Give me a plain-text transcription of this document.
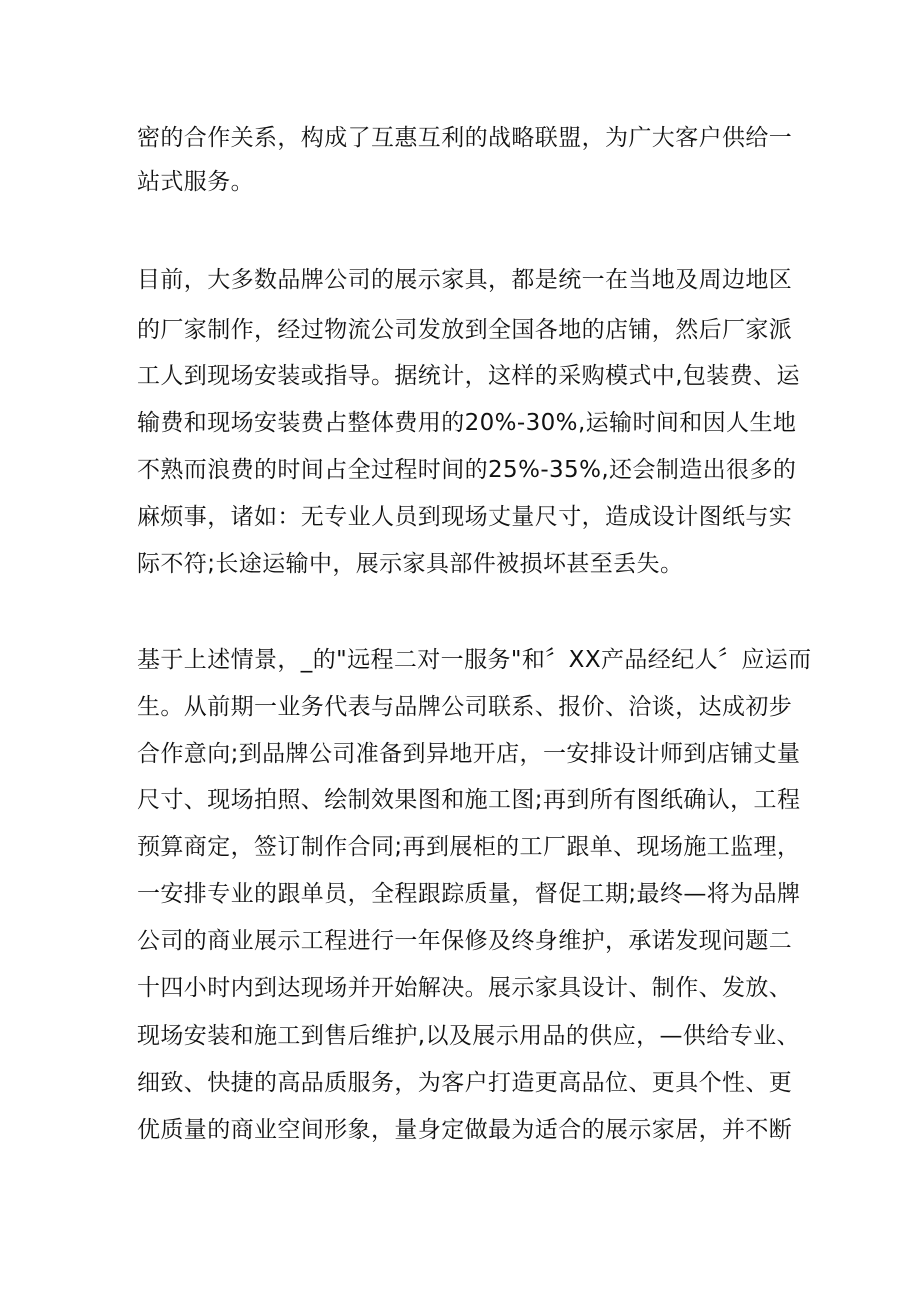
密的合作关系，构成了互惠互利的战略联盟，为广大客户供给一
站式服务。
目前，大多数品牌公司的展示家具，都是统一在当地及周边地区
的厂家制作，经过物流公司发放到全国各地的店铺，然后厂家派
工人到现场安装或指导。据统计，这样的采购模式中,包装费、运
输费和现场安装费占整体费用的20%-30%,运输时间和因人生地
不熟而浪费的时间占全过程时间的25%-35%,还会制造出很多的
麻烦事，诸如：无专业人员到现场丈量尺寸，造成设计图纸与实
际不符;长途运输中，展示家具部件被损坏甚至丢失。
基于上述情景，_的"远程二对一服务"和〞XX产品经纪人〞应运而
生。从前期一业务代表与品牌公司联系、报价、洽谈，达成初步
合作意向;到品牌公司准备到异地开店，一安排设计师到店铺丈量
尺寸、现场拍照、绘制效果图和施工图;再到所有图纸确认，工程
预算商定，签订制作合同;再到展柜的工厂跟单、现场施工监理，
一安排专业的跟单员，全程跟踪质量，督促工期;最终—将为品牌
公司的商业展示工程进行一年保修及终身维护，承诺发现问题二
十四小时内到达现场并开始解决。展示家具设计、制作、发放、
现场安装和施工到售后维护,以及展示用品的供应，—供给专业、
细致、快捷的高品质服务，为客户打造更高品位、更具个性、更
优质量的商业空间形象，量身定做最为适合的展示家居，并不断
